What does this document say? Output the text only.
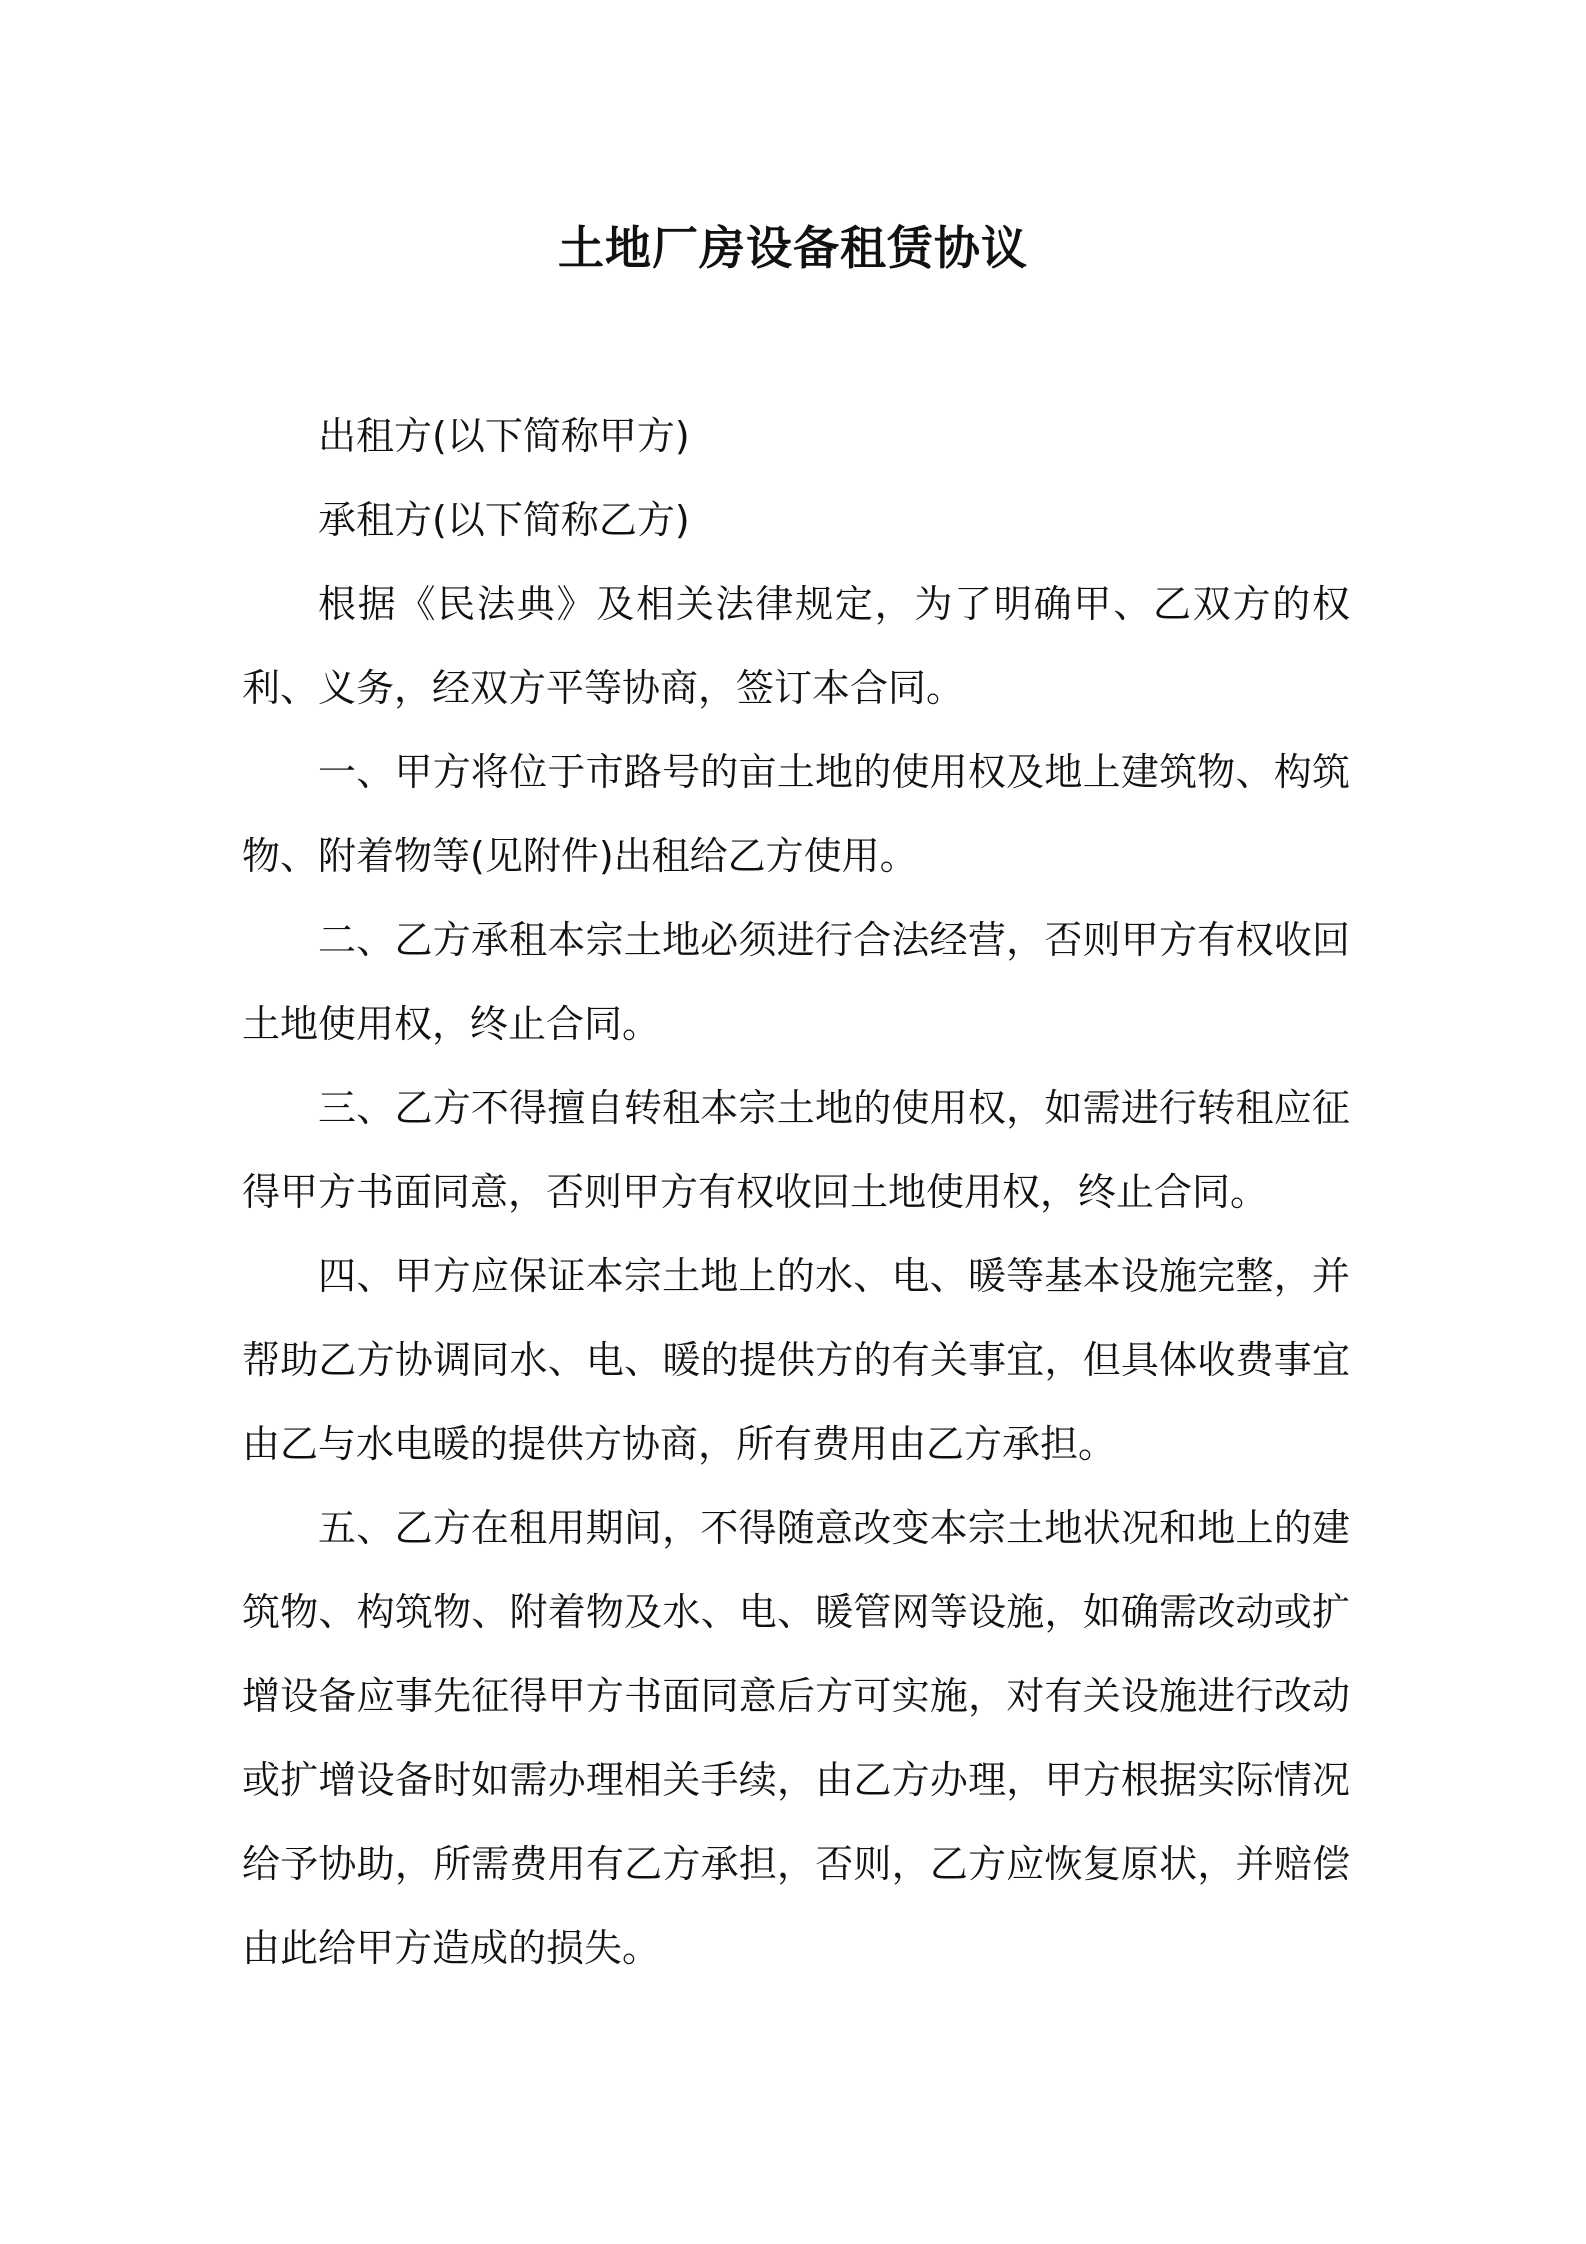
土地厂房设备租赁协议

出租方(以下简称甲方)

承租方(以下简称乙方)

根据《民法典》及相关法律规定，为了明确甲、乙双方的权利、义务，经双方平等协商，签订本合同。

一、甲方将位于市路号的亩土地的使用权及地上建筑物、构筑物、附着物等(见附件)出租给乙方使用。

二、乙方承租本宗土地必须进行合法经营，否则甲方有权收回土地使用权，终止合同。

三、乙方不得擅自转租本宗土地的使用权，如需进行转租应征得甲方书面同意，否则甲方有权收回土地使用权，终止合同。

四、甲方应保证本宗土地上的水、电、暖等基本设施完整，并帮助乙方协调同水、电、暖的提供方的有关事宜，但具体收费事宜由乙与水电暖的提供方协商，所有费用由乙方承担。

五、乙方在租用期间，不得随意改变本宗土地状况和地上的建筑物、构筑物、附着物及水、电、暖管网等设施，如确需改动或扩增设备应事先征得甲方书面同意后方可实施，对有关设施进行改动或扩增设备时如需办理相关手续，由乙方办理，甲方根据实际情况给予协助，所需费用有乙方承担，否则，乙方应恢复原状，并赔偿由此给甲方造成的损失。
